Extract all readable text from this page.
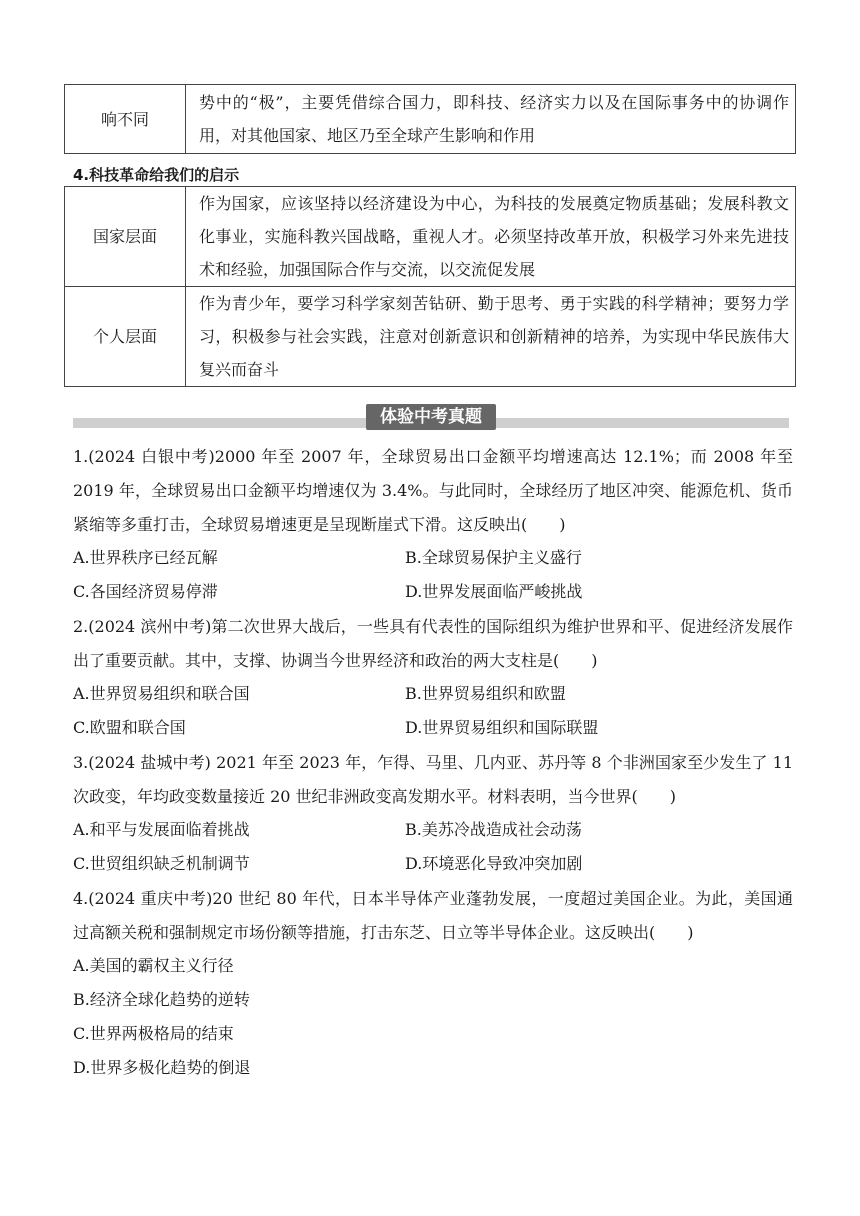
响不同	势中的“极”，主要凭借综合国力，即科技、经济实力以及在国际事务中的协调作用，对其他国家、地区乃至全球产生影响和作用
4.科技革命给我们的启示
国家层面	作为国家，应该坚持以经济建设为中心，为科技的发展奠定物质基础；发展科教文化事业，实施科教兴国战略，重视人才。必须坚持改革开放，积极学习外来先进技术和经验，加强国际合作与交流，以交流促发展
个人层面	作为青少年，要学习科学家刻苦钻研、勤于思考、勇于实践的科学精神；要努力学习，积极参与社会实践，注意对创新意识和创新精神的培养，为实现中华民族伟大复兴而奋斗
体验中考真题
1.(2024 白银中考)2000 年至 2007 年，全球贸易出口金额平均增速高达 12.1%；而 2008 年至 2019 年，全球贸易出口金额平均增速仅为 3.4%。与此同时，全球经历了地区冲突、能源危机、货币紧缩等多重打击，全球贸易增速更是呈现断崖式下滑。这反映出(　　)
A.世界秩序已经瓦解	B.全球贸易保护主义盛行
C.各国经济贸易停滞	D.世界发展面临严峻挑战
2.(2024 滨州中考)第二次世界大战后，一些具有代表性的国际组织为维护世界和平、促进经济发展作出了重要贡献。其中，支撑、协调当今世界经济和政治的两大支柱是(　　)
A.世界贸易组织和联合国	B.世界贸易组织和欧盟
C.欧盟和联合国	D.世界贸易组织和国际联盟
3.(2024 盐城中考) 2021 年至 2023 年，乍得、马里、几内亚、苏丹等 8 个非洲国家至少发生了 11 次政变，年均政变数量接近 20 世纪非洲政变高发期水平。材料表明，当今世界(　　)
A.和平与发展面临着挑战	B.美苏冷战造成社会动荡
C.世贸组织缺乏机制调节	D.环境恶化导致冲突加剧
4.(2024 重庆中考)20 世纪 80 年代，日本半导体产业蓬勃发展，一度超过美国企业。为此，美国通过高额关税和强制规定市场份额等措施，打击东芝、日立等半导体企业。这反映出(　　)
A.美国的霸权主义行径
B.经济全球化趋势的逆转
C.世界两极格局的结束
D.世界多极化趋势的倒退
